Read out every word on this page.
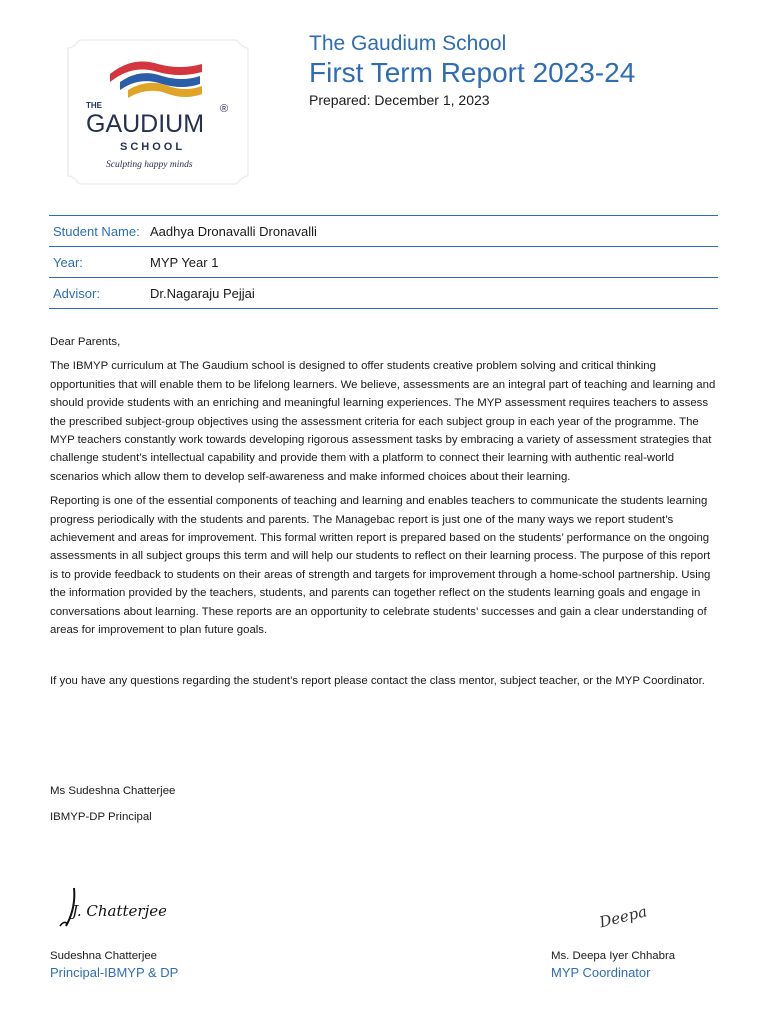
THE
GAUDIUM
®
SCHOOL
Sculpting happy minds
The Gaudium School
First Term Report 2023-24
Prepared: December 1, 2023
Student Name: Aadhya Dronavalli Dronavalli
Year:	MYP Year 1
Advisor:	Dr.Nagaraju Pejjai

Dear Parents,

The IBMYP curriculum at The Gaudium school is designed to offer students creative problem solving and critical thinking opportunities that will enable them to be lifelong learners. We believe, assessments are an integral part of teaching and learning and should provide students with an enriching and meaningful learning experiences. The MYP assessment requires teachers to assess the prescribed subject-group objectives using the assessment criteria for each subject group in each year of the programme. The MYP teachers constantly work towards developing rigorous assessment tasks by embracing a variety of assessment strategies that challenge student’s intellectual capability and provide them with a platform to connect their learning with authentic real-world scenarios which allow them to develop self-awareness and make informed choices about their learning.

Reporting is one of the essential components of teaching and learning and enables teachers to communicate the students learning progress periodically with the students and parents. The Managebac report is just one of the many ways we report student’s achievement and areas for improvement. This formal written report is prepared based on the students’ performance on the ongoing assessments in all subject groups this term and will help our students to reflect on their learning process. The purpose of this report is to provide feedback to students on their areas of strength and targets for improvement through a home-school partnership. Using the information provided by the teachers, students, and parents can together reflect on the students learning goals and engage in conversations about learning. These reports are an opportunity to celebrate students’ successes and gain a clear understanding of areas for improvement to plan future goals.

If you have any questions regarding the student’s report please contact the class mentor, subject teacher, or the MYP Coordinator.

Ms Sudeshna Chatterjee
IBMYP-DP Principal
J. Chatterjee	Deepa
Sudeshna Chatterjee
Principal-IBMYP & DP
Ms. Deepa Iyer Chhabra
MYP Coordinator
